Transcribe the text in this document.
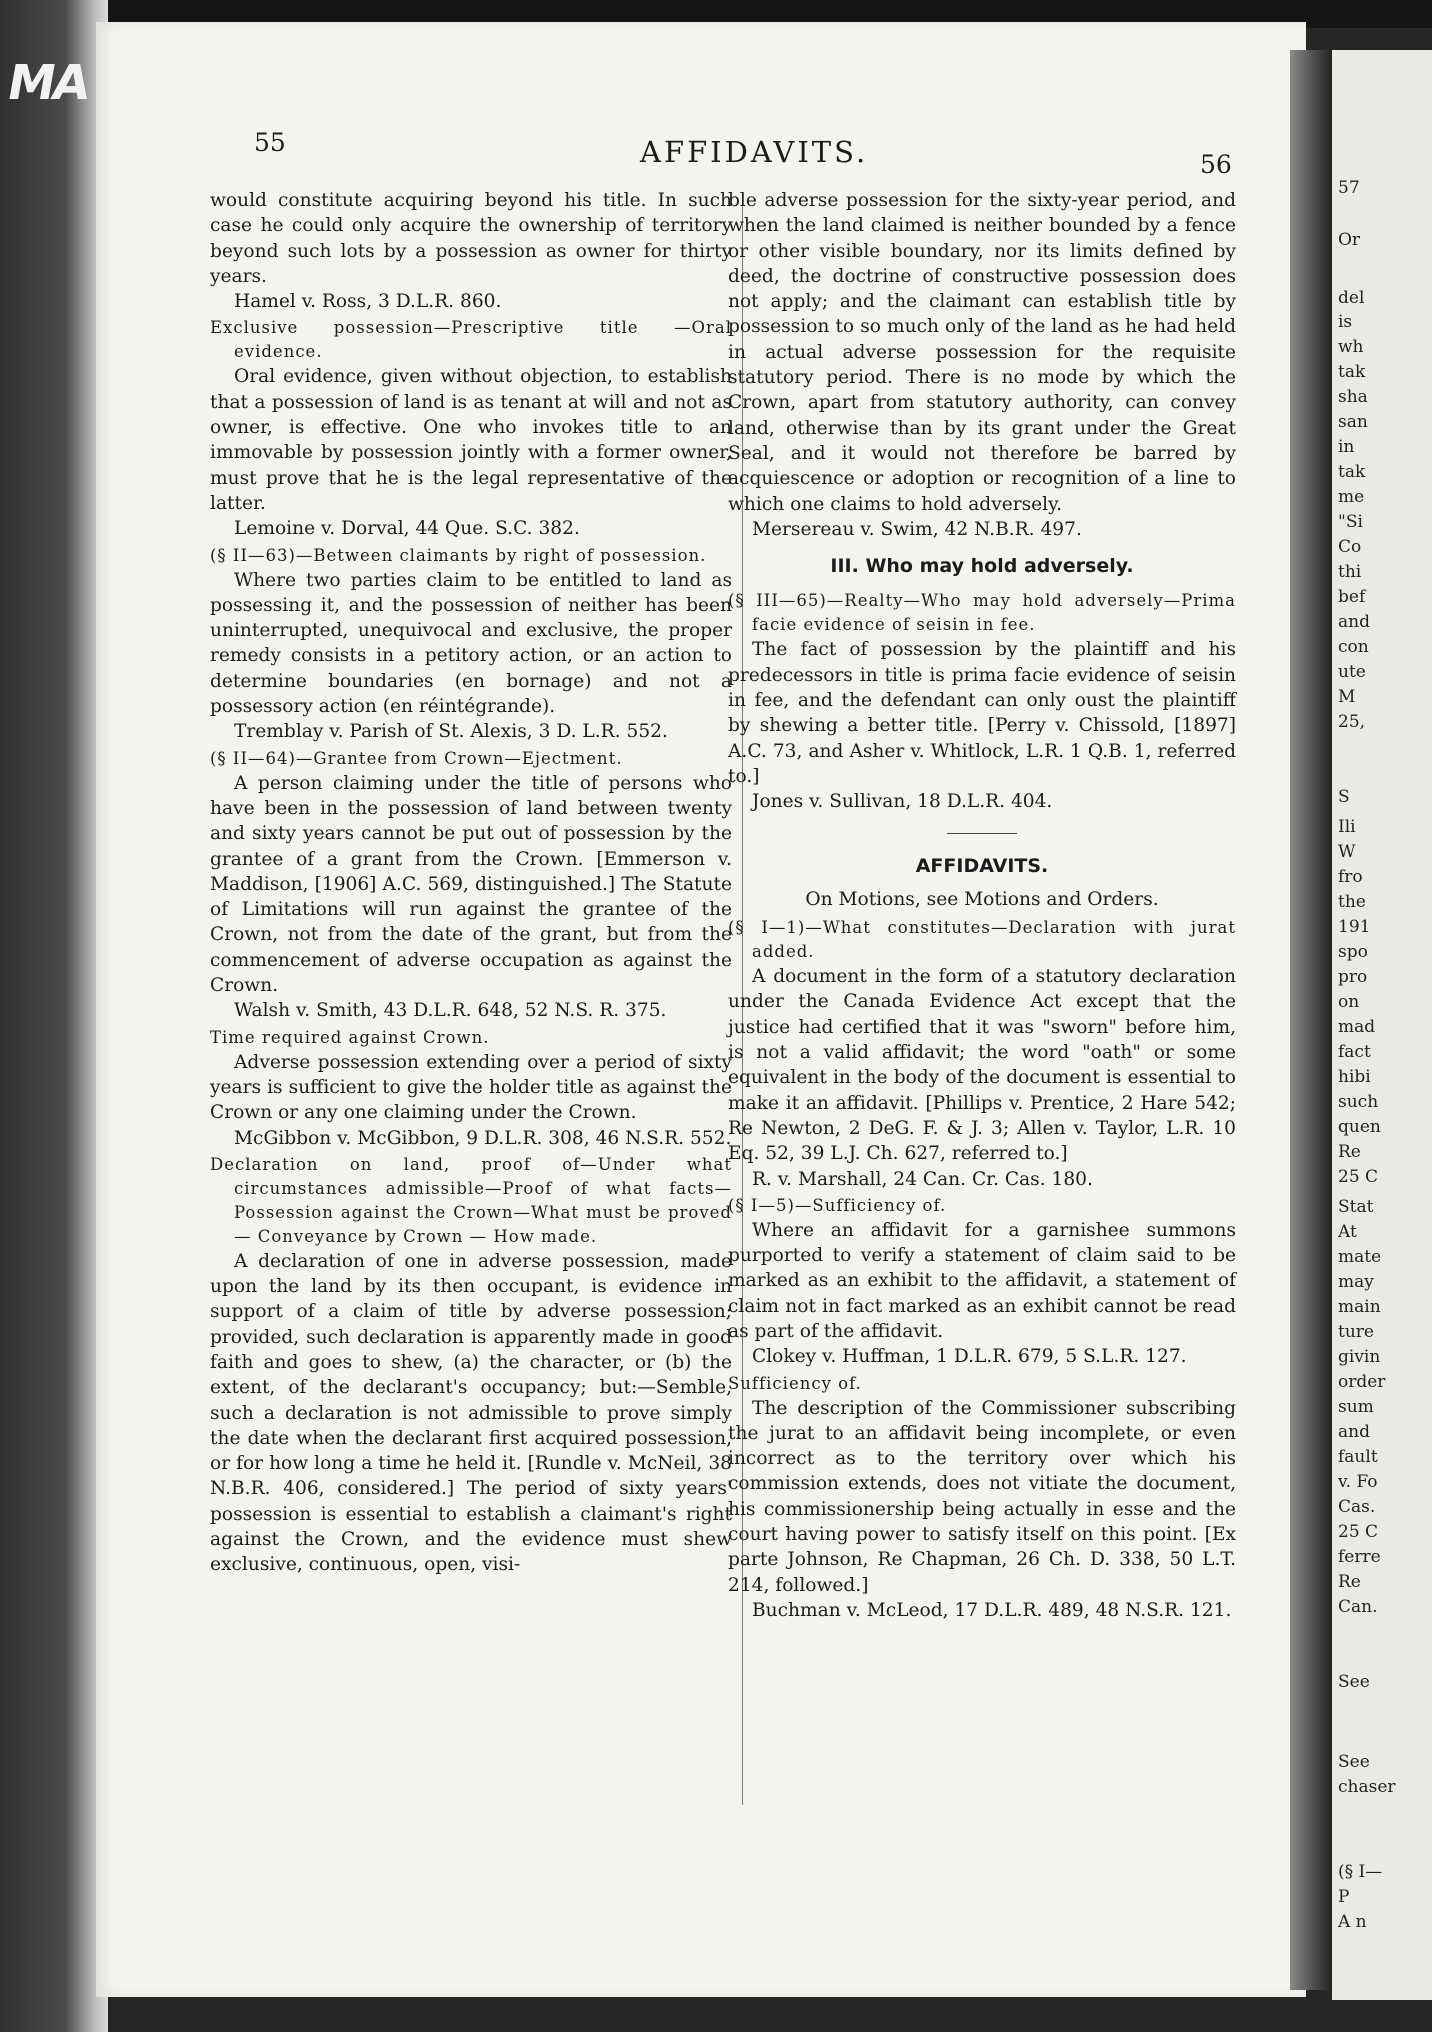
MA
57
Or
del
is
wh
tak
sha
san
in
tak
me
"Si
Co
thi
bef
and
con
ute
M
25,
S
Ili
W
fro
the
191
spo
pro
on
mad
fact
hibi
such
quen
Re
25 C
Stat
At
mate
may
main
ture
givin
order
sum
and
fault
v. Fo
Cas.
25 C
ferre
Re
Can.
See
See
chaser
(§ I—
P
A n
55	AFFIDAVITS.	56

would constitute acquiring beyond his title. In such case he could only acquire the ownership of territory beyond such lots by a possession as owner for thirty years.

Hamel v. Ross, 3 D.L.R. 860.

Exclusive possession—Prescriptive title —Oral evidence.

Oral evidence, given without objection, to establish that a possession of land is as tenant at will and not as owner, is effective. One who invokes title to an immovable by possession jointly with a former owner, must prove that he is the legal representative of the latter.

Lemoine v. Dorval, 44 Que. S.C. 382.

(§ II—63)—Between claimants by right of possession.

Where two parties claim to be entitled to land as possessing it, and the possession of neither has been uninterrupted, unequivocal and exclusive, the proper remedy consists in a petitory action, or an action to determine boundaries (en bornage) and not a possessory action (en réintégrande).

Tremblay v. Parish of St. Alexis, 3 D. L.R. 552.

(§ II—64)—Grantee from Crown—Ejectment.

A person claiming under the title of persons who have been in the possession of land between twenty and sixty years cannot be put out of possession by the grantee of a grant from the Crown. [Emmerson v. Maddison, [1906] A.C. 569, distinguished.] The Statute of Limitations will run against the grantee of the Crown, not from the date of the grant, but from the commencement of adverse occupation as against the Crown.

Walsh v. Smith, 43 D.L.R. 648, 52 N.S. R. 375.

Time required against Crown.

Adverse possession extending over a period of sixty years is sufficient to give the holder title as against the Crown or any one claiming under the Crown.

McGibbon v. McGibbon, 9 D.L.R. 308, 46 N.S.R. 552.

Declaration on land, proof of—Under what circumstances admissible—Proof of what facts—Possession against the Crown—What must be proved — Conveyance by Crown — How made.

A declaration of one in adverse possession, made upon the land by its then occupant, is evidence in support of a claim of title by adverse possession; provided, such declaration is apparently made in good faith and goes to shew, (a) the character, or (b) the extent, of the declarant's occupancy; but:—Semble, such a declaration is not admissible to prove simply the date when the declarant first acquired possession, or for how long a time he held it. [Rundle v. McNeil, 38 N.B.R. 406, considered.] The period of sixty years' possession is essential to establish a claimant's right against the Crown, and the evidence must shew exclusive, continuous, open, visi-

ble adverse possession for the sixty-year period, and when the land claimed is neither bounded by a fence or other visible boundary, nor its limits defined by deed, the doctrine of constructive possession does not apply; and the claimant can establish title by possession to so much only of the land as he had held in actual adverse possession for the requisite statutory period. There is no mode by which the Crown, apart from statutory authority, can convey land, otherwise than by its grant under the Great Seal, and it would not therefore be barred by acquiescence or adoption or recognition of a line to which one claims to hold adversely.

Mersereau v. Swim, 42 N.B.R. 497.

III. Who may hold adversely.

(§ III—65)—Realty—Who may hold adversely—Prima facie evidence of seisin in fee.

The fact of possession by the plaintiff and his predecessors in title is prima facie evidence of seisin in fee, and the defendant can only oust the plaintiff by shewing a better title. [Perry v. Chissold, [1897] A.C. 73, and Asher v. Whitlock, L.R. 1 Q.B. 1, referred to.]

Jones v. Sullivan, 18 D.L.R. 404.

AFFIDAVITS.

On Motions, see Motions and Orders.

(§ I—1)—What constitutes—Declaration with jurat added.

A document in the form of a statutory declaration under the Canada Evidence Act except that the justice had certified that it was "sworn" before him, is not a valid affidavit; the word "oath" or some equivalent in the body of the document is essential to make it an affidavit. [Phillips v. Prentice, 2 Hare 542; Re Newton, 2 DeG. F. & J. 3; Allen v. Taylor, L.R. 10 Eq. 52, 39 L.J. Ch. 627, referred to.]

R. v. Marshall, 24 Can. Cr. Cas. 180.

(§ I—5)—Sufficiency of.

Where an affidavit for a garnishee summons purported to verify a statement of claim said to be marked as an exhibit to the affidavit, a statement of claim not in fact marked as an exhibit cannot be read as part of the affidavit.

Clokey v. Huffman, 1 D.L.R. 679, 5 S.L.R. 127.

Sufficiency of.

The description of the Commissioner subscribing the jurat to an affidavit being incomplete, or even incorrect as to the territory over which his commission extends, does not vitiate the document, his commissionership being actually in esse and the court having power to satisfy itself on this point. [Ex parte Johnson, Re Chapman, 26 Ch. D. 338, 50 L.T. 214, followed.]

Buchman v. McLeod, 17 D.L.R. 489, 48 N.S.R. 121.
